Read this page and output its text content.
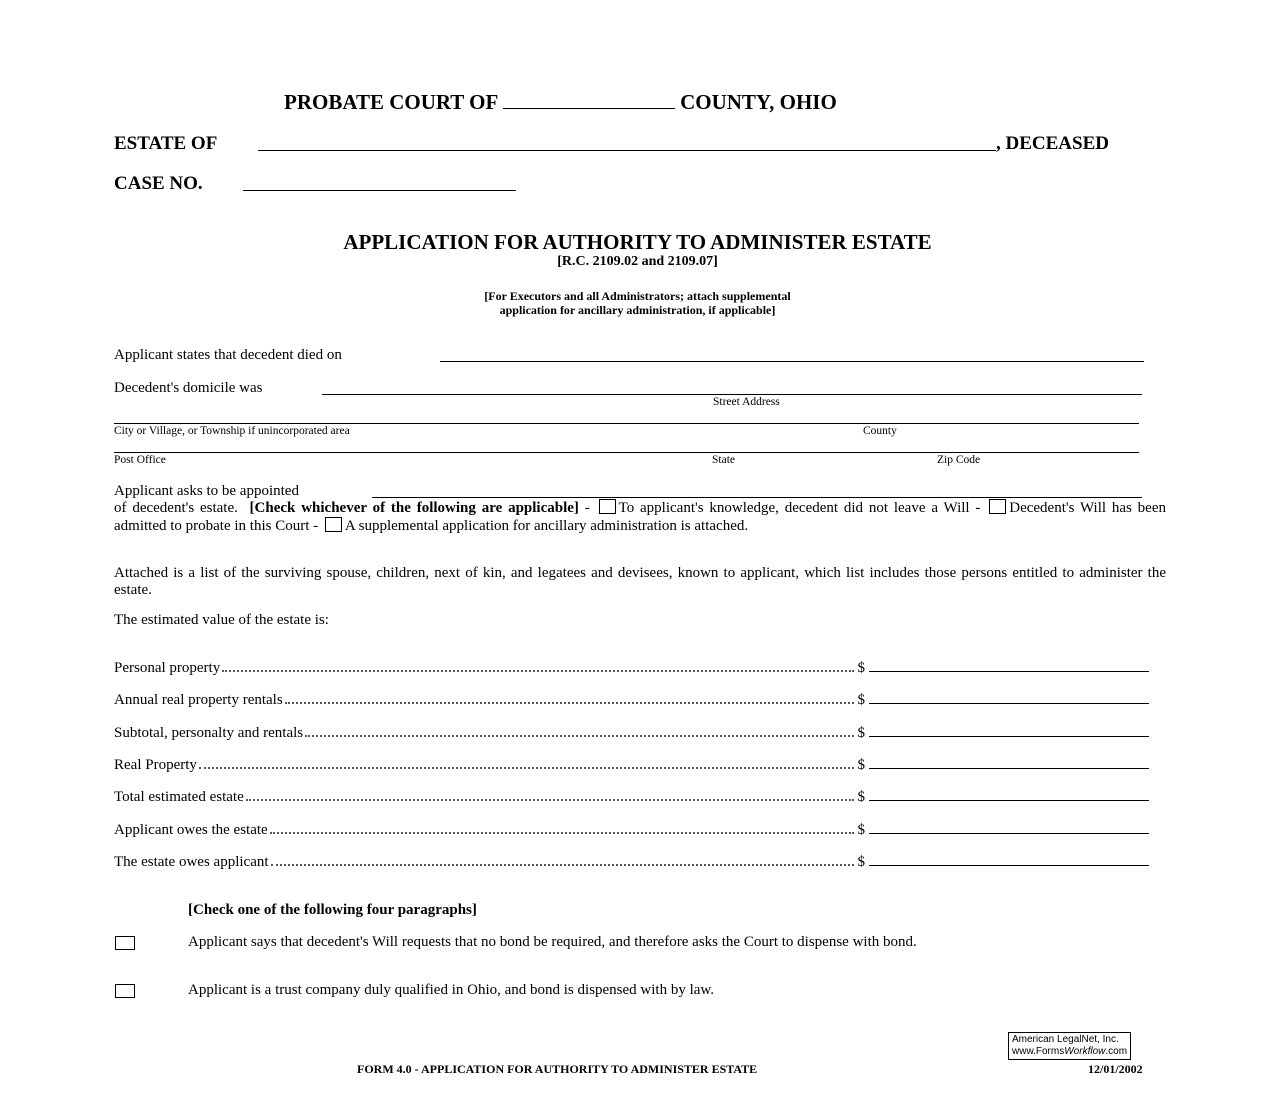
PROBATE COURT OF	COUNTY, OHIO
ESTATE OF	, DECEASED
CASE NO.
APPLICATION FOR AUTHORITY TO ADMINISTER ESTATE
[R.C. 2109.02 and 2109.07]
[For Executors and all Administrators; attach supplemental
application for ancillary administration, if applicable]
Applicant states that decedent died on
Decedent's domicile was
Street Address
City or Village, or Township if unincorporated area	County
Post Office	State	Zip Code
Applicant asks to be appointed
of decedent's estate. [Check whichever of the following are applicable] - To applicant's knowledge, decedent did not leave a Will - Decedent's Will has been admitted to probate in this Court - A supplemental application for ancillary administration is attached.
Attached is a list of the surviving spouse, children, next of kin, and legatees and devisees, known to applicant, which list includes those persons entitled to administer the estate.
The estimated value of the estate is:
Personal property	$
Annual real property rentals	$
Subtotal, personalty and rentals	$
Real Property	$
Total estimated estate	$
Applicant owes the estate	$
The estate owes applicant	$
[Check one of the following four paragraphs]
Applicant says that decedent's Will requests that no bond be required, and therefore asks the Court to dispense with bond.
Applicant is a trust company duly qualified in Ohio, and bond is dispensed with by law.
American LegalNet, Inc.
www.FormsWorkflow.com
FORM 4.0 - APPLICATION FOR AUTHORITY TO ADMINISTER ESTATE	12/01/2002
